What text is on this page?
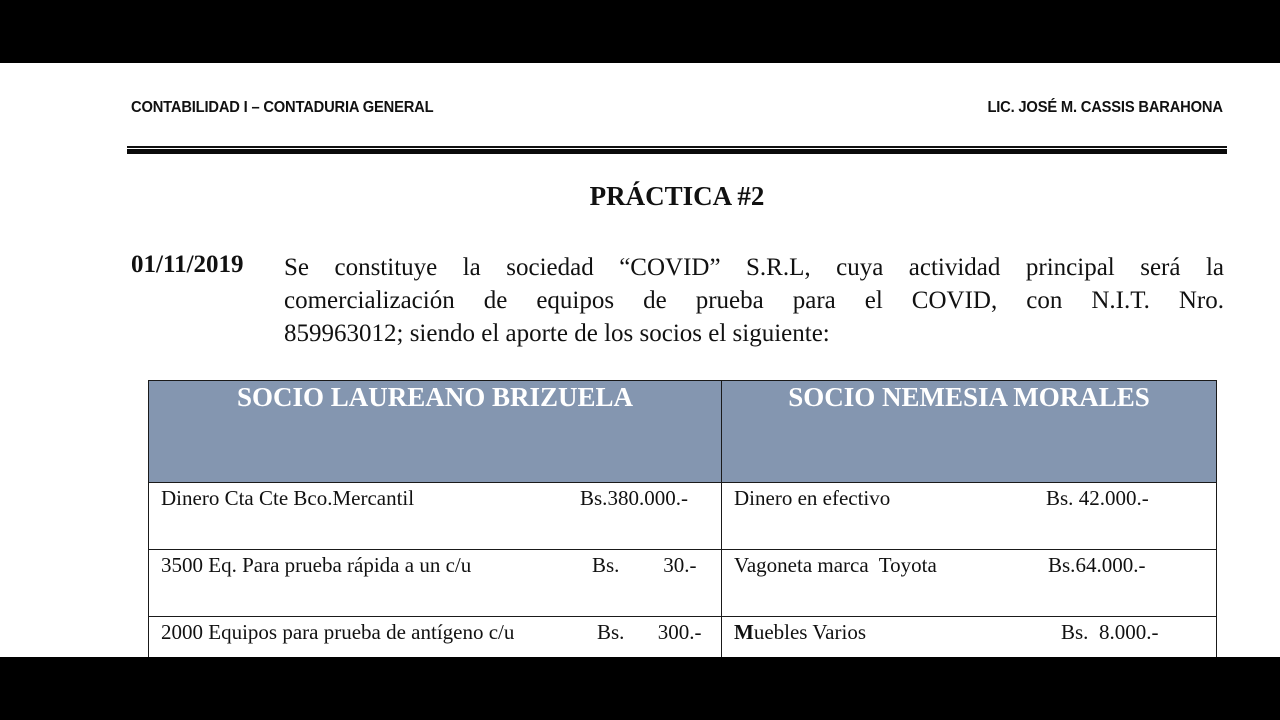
CONTABILIDAD I – CONTADURIA GENERAL	LIC. JOSÉ M. CASSIS BARAHONA
PRÁCTICA #2
01/11/2019 Se constituye la sociedad “COVID” S.R.L, cuya actividad principal será la
comercialización de equipos de prueba para el COVID, con N.I.T. Nro.
859963012; siendo el aporte de los socios el siguiente:
SOCIO LAUREANO BRIZUELA	SOCIO NEMESIA MORALES

Dinero Cta Cte Bco.Mercantil Bs.380.000.-	Dinero en efectivo Bs. 42.000.-

3500 Eq. Para prueba rápida a un c/u Bs. 30.-	Vagoneta marca  Toyota Bs.64.000.-

2000 Equipos para prueba de antígeno c/u Bs. 300.-	Muebles Varios Bs.  8.000.-
